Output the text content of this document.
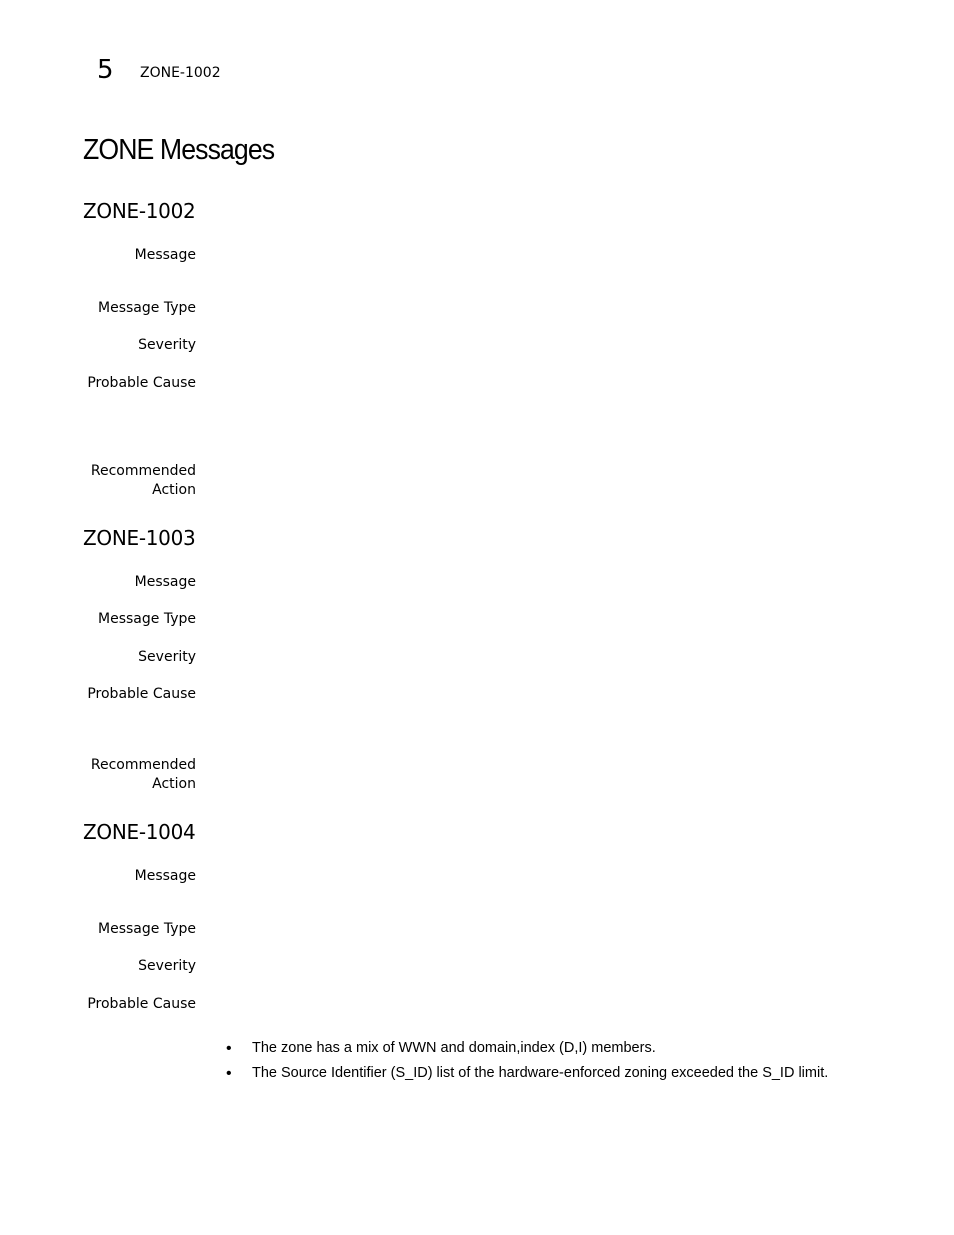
5 ZONE-1002
ZONE Messages
ZONE-1002
Message
Message Type
Severity
Probable Cause
Recommended
Action
ZONE-1003
Message
Message Type
Severity
Probable Cause
Recommended
Action
ZONE-1004
Message
Message Type
Severity
Probable Cause
• The zone has a mix of WWN and domain,index (D,I) members.
• The Source Identifier (S_ID) list of the hardware-enforced zoning exceeded the S_ID limit.
